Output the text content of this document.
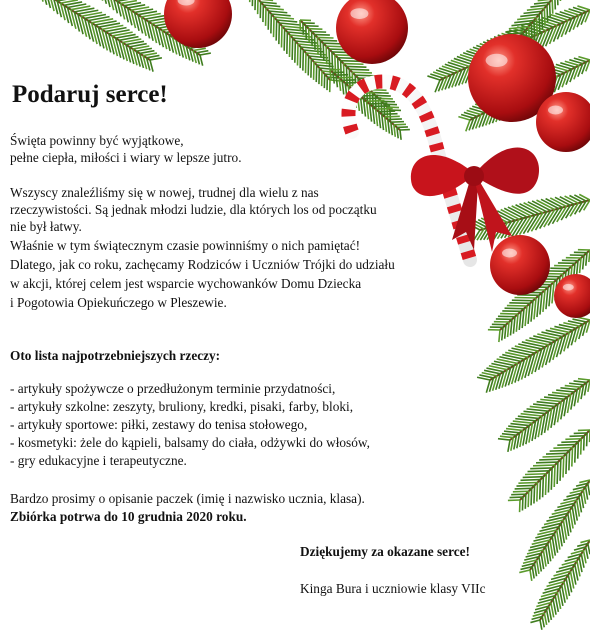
Podaruj serce!
Święta powinny być wyjątkowe,
pełne ciepła, miłości i wiary w lepsze jutro.
Wszyscy znaleźliśmy się w nowej, trudnej dla wielu z nas
rzeczywistości. Są jednak młodzi ludzie, dla których los od początku
nie był łatwy.
Właśnie w tym świątecznym czasie powinniśmy o nich pamiętać!
Dlatego, jak co roku, zachęcamy Rodziców i Uczniów Trójki do udziału
w akcji, której celem jest wsparcie wychowanków Domu Dziecka
i Pogotowia Opiekuńczego w Pleszewie.
Oto lista najpotrzebniejszych rzeczy:
- artykuły spożywcze o przedłużonym terminie przydatności,
- artykuły szkolne: zeszyty, bruliony, kredki, pisaki, farby, bloki,
- artykuły sportowe: piłki, zestawy do tenisa stołowego,
- kosmetyki: żele do kąpieli, balsamy do ciała, odżywki do włosów,
- gry edukacyjne i terapeutyczne.
Bardzo prosimy o opisanie paczek (imię i nazwisko ucznia, klasa).
Zbiórka potrwa do 10 grudnia 2020 roku.
Dziękujemy za okazane serce!
Kinga Bura i uczniowie klasy VIIc
